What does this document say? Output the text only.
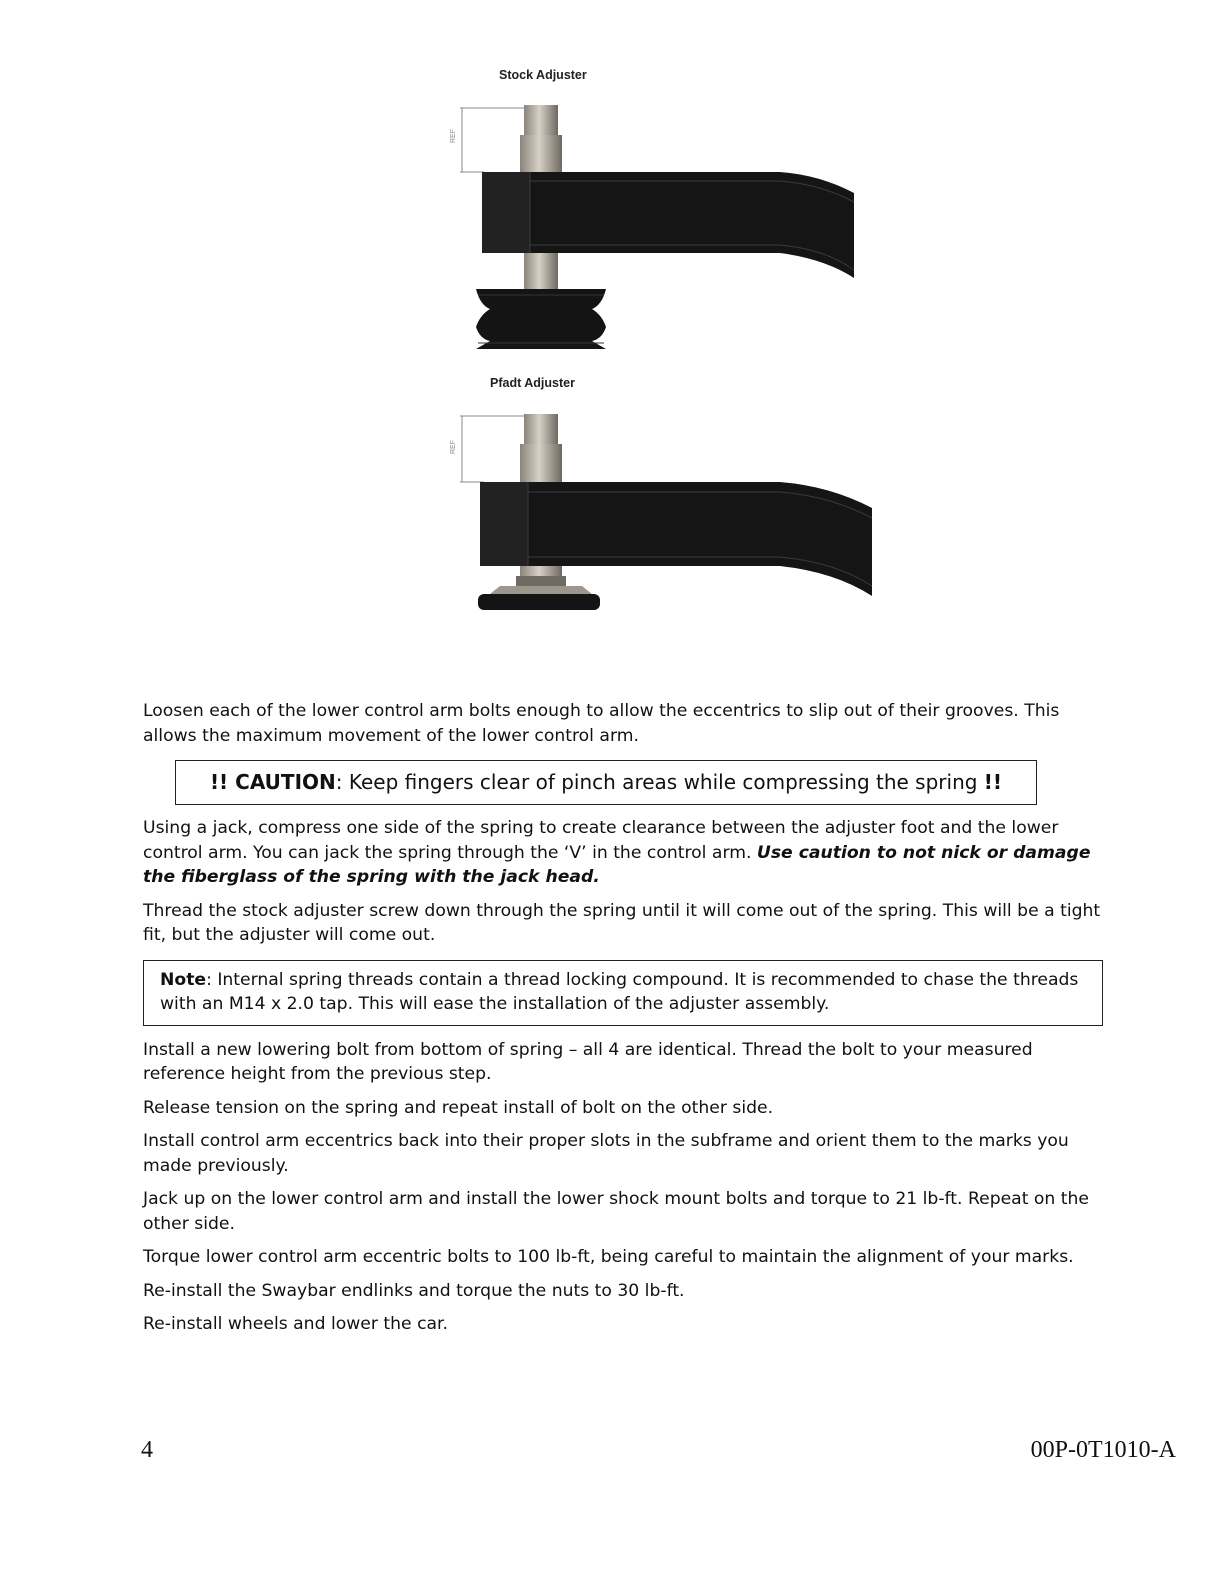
Stock Adjuster
REF
Pfadt Adjuster
REF

Loosen each of the lower control arm bolts enough to allow the eccentrics to slip out of their grooves. This allows the maximum movement of the lower control arm.

!! CAUTION: Keep fingers clear of pinch areas while compressing the spring !!

Using a jack, compress one side of the spring to create clearance between the adjuster foot and the lower control arm. You can jack the spring through the ‘V’ in the control arm. Use caution to not nick or damage the fiberglass of the spring with the jack head.

Thread the stock adjuster screw down through the spring until it will come out of the spring. This will be a tight fit, but the adjuster will come out.

Note: Internal spring threads contain a thread locking compound. It is recommended to chase the threads with an M14 x 2.0 tap. This will ease the installation of the adjuster assembly.

Install a new lowering bolt from bottom of spring – all 4 are identical. Thread the bolt to your measured reference height from the previous step.

Release tension on the spring and repeat install of bolt on the other side.

Install control arm eccentrics back into their proper slots in the subframe and orient them to the marks you made previously.

Jack up on the lower control arm and install the lower shock mount bolts and torque to 21 lb-ft. Repeat on the other side.

Torque lower control arm eccentric bolts to 100 lb-ft, being careful to maintain the alignment of your marks.

Re-install the Swaybar endlinks and torque the nuts to 30 lb-ft.

Re-install wheels and lower the car.

4	00P-0T1010-A
